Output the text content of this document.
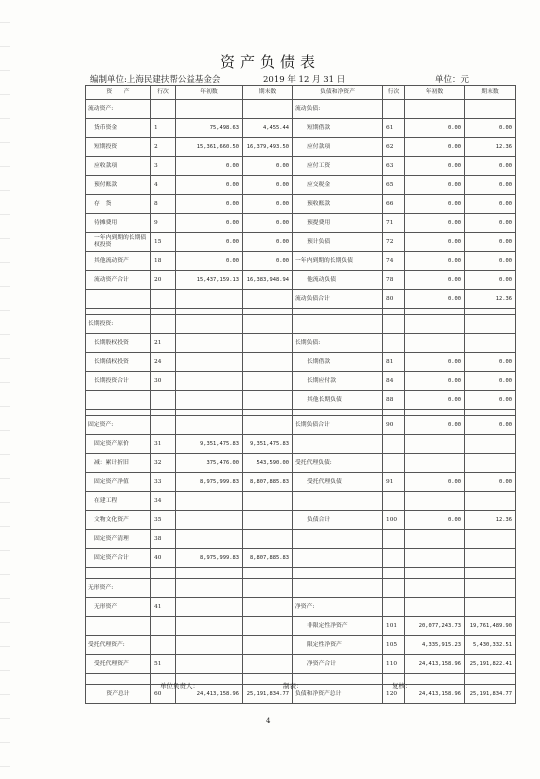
资产负债表
编制单位:上海民建扶帮公益基金会	2019 年 12 月 31 日	单位：元
资　　产	行次	年初数	期末数	负债和净资产	行次	年初数	期末数
流动资产:				流动负债:			
货币资金	1	75,498.63	4,455.44	短期借款	61	0.00	0.00
短期投资	2	15,361,660.50	16,379,493.50	应付款项	62	0.00	12.36
应收款项	3	0.00	0.00	应付工资	63	0.00	0.00
预付账款	4	0.00	0.00	应交税金	65	0.00	0.00
存　货	8	0.00	0.00	预收账款	66	0.00	0.00
待摊费用	9	0.00	0.00	预提费用	71	0.00	0.00
一年内到期的长期债权投资	15	0.00	0.00	预计负债	72	0.00	0.00
其他流动资产	18	0.00	0.00	一年内到期的长期负债	74	0.00	0.00
流动资产合计	20	15,437,159.13	16,383,948.94	他流动负债	78	0.00	0.00
				流动负债合计	80	0.00	12.36

长期投资:							
长期股权投资	21			长期负债:			
长期债权投资	24			长期借款	81	0.00	0.00
长期投资合计	30			长期应付款	84	0.00	0.00
				其他长期负债	88	0.00	0.00

固定资产:				长期负债合计	90	0.00	0.00
固定资产原价	31	9,351,475.83	9,351,475.83				
减：累计折旧	32	375,476.00	543,590.00	受托代理负债:			
固定资产净值	33	8,975,999.83	8,807,885.83	受托代理负债	91	0.00	0.00
在建工程	34						
文物文化资产	35			负债合计	100	0.00	12.36
固定资产清理	38						
固定资产合计	40	8,975,999.83	8,807,885.83				

无形资产:							
无形资产	41			净资产:			
				非限定性净资产	101	20,077,243.73	19,761,489.90
受托代理资产:				限定性净资产	105	4,335,915.23	5,430,332.51
受托代理资产	51			净资产合计	110	24,413,158.96	25,191,822.41

资产总计	60	24,413,158.96	25,191,834.77	负债和净资产总计	120	24,413,158.96	25,191,834.77
单位负责人：	制表：	复核：
4
